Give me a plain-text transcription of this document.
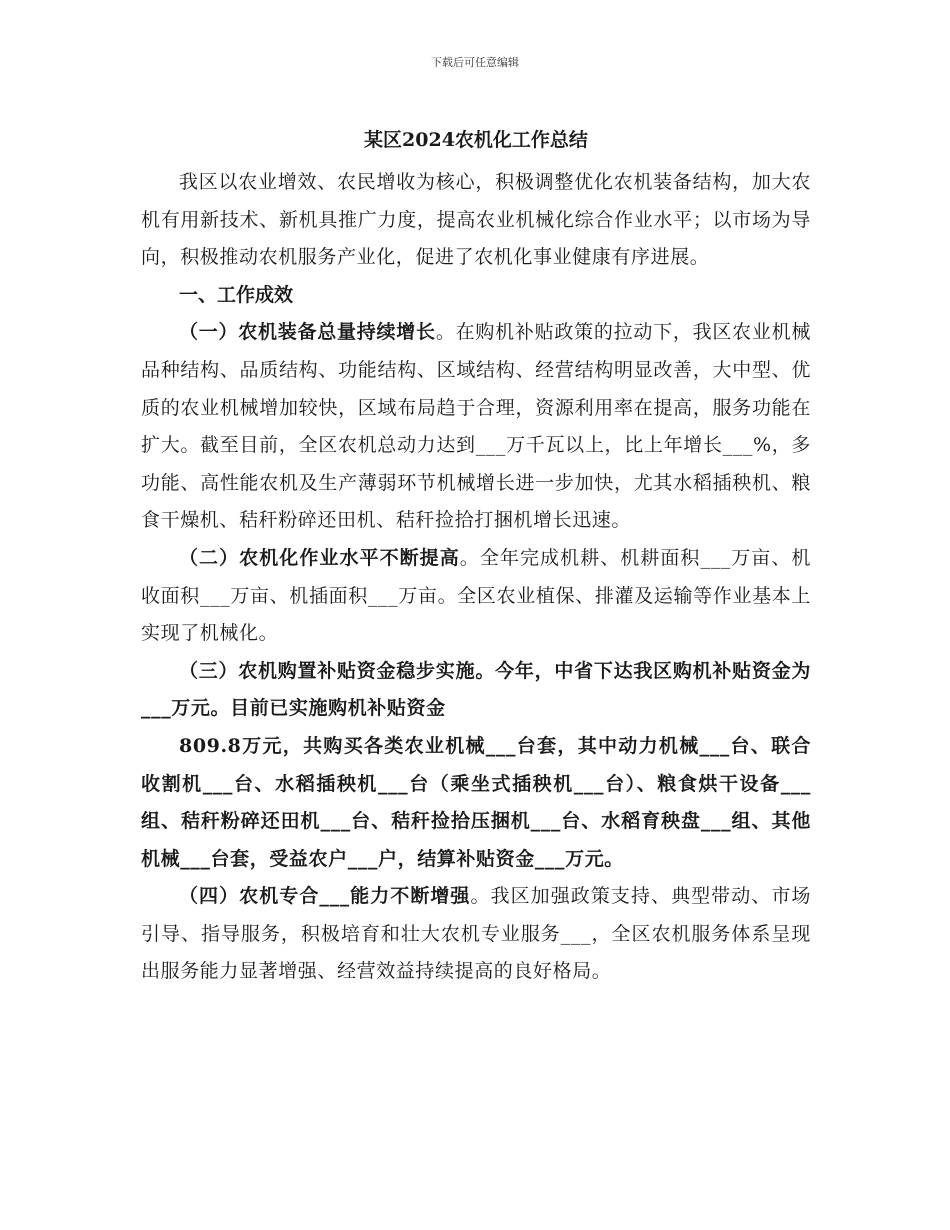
下载后可任意编辑
某区2024农机化工作总结

我区以农业增效、农民增收为核心，积极调整优化农机装备结构，加大农机有用新技术、新机具推广力度，提高农业机械化综合作业水平；以市场为导向，积极推动农机服务产业化，促进了农机化事业健康有序进展。

一、工作成效

（一）农机装备总量持续增长。在购机补贴政策的拉动下，我区农业机械品种结构、品质结构、功能结构、区域结构、经营结构明显改善，大中型、优质的农业机械增加较快，区域布局趋于合理，资源利用率在提高，服务功能在扩大。截至目前，全区农机总动力达到___万千瓦以上，比上年增长___%，多功能、高性能农机及生产薄弱环节机械增长进一步加快，尤其水稻插秧机、粮食干燥机、秸秆粉碎还田机、秸秆捡拾打捆机增长迅速。

（二）农机化作业水平不断提高。全年完成机耕、机耕面积___万亩、机收面积___万亩、机插面积___万亩。全区农业植保、排灌及运输等作业基本上实现了机械化。

（三）农机购置补贴资金稳步实施。今年，中省下达我区购机补贴资金为___万元。目前已实施购机补贴资金

809.8万元，共购买各类农业机械___台套，其中动力机械___台、联合收割机___台、水稻插秧机___台（乘坐式插秧机___台）、粮食烘干设备___组、秸秆粉碎还田机___台、秸秆捡拾压捆机___台、水稻育秧盘___组、其他机械___台套，受益农户___户，结算补贴资金___万元。

（四）农机专合___能力不断增强。我区加强政策支持、典型带动、市场引导、指导服务，积极培育和壮大农机专业服务___，全区农机服务体系呈现出服务能力显著增强、经营效益持续提高的良好格局。
